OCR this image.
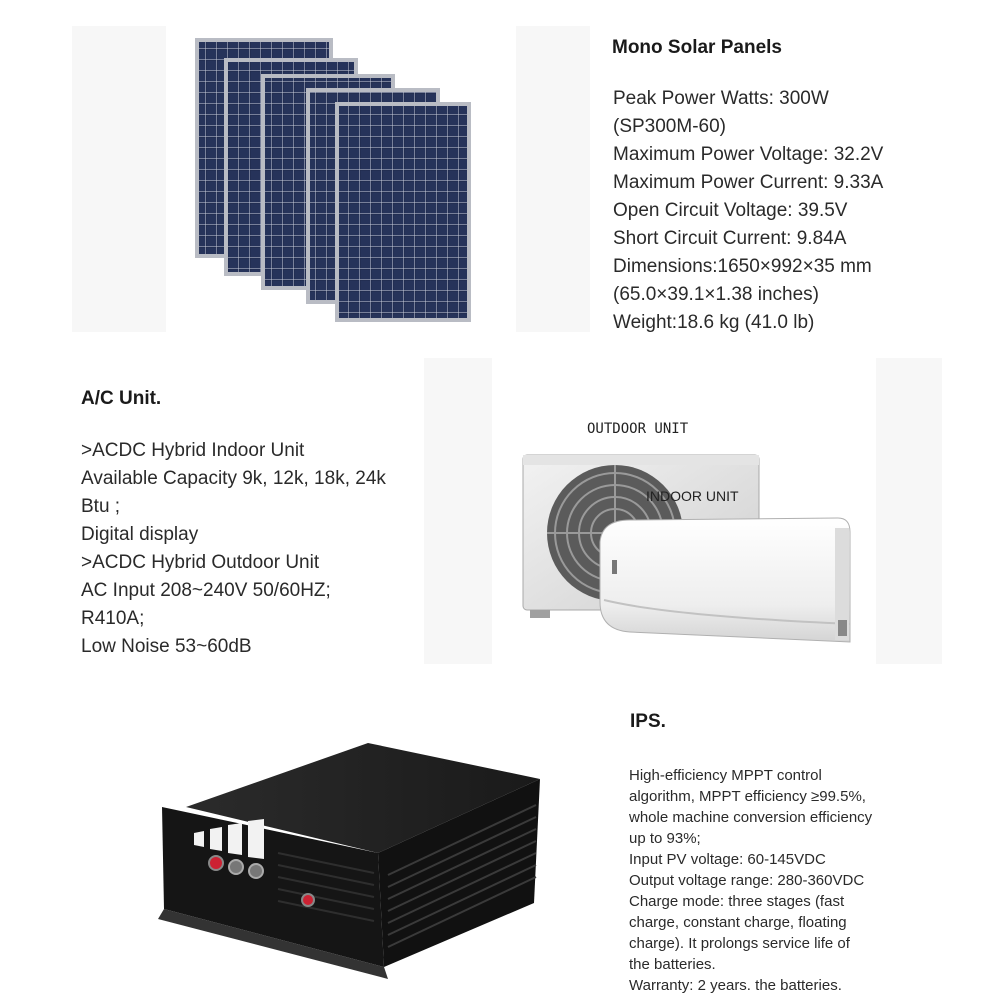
Mono Solar Panels
Peak Power Watts: 300W
(SP300M-60)
Maximum Power Voltage: 32.2V
Maximum Power Current: 9.33A
Open Circuit Voltage: 39.5V
Short Circuit Current: 9.84A
Dimensions:1650×992×35 mm
(65.0×39.1×1.38 inches)
Weight:18.6 kg (41.0 lb)
A/C Unit.
>ACDC Hybrid Indoor Unit
Available Capacity 9k, 12k, 18k, 24k
Btu ;
Digital display
>ACDC Hybrid Outdoor Unit
AC Input 208~240V 50/60HZ;
R410A;
Low Noise 53~60dB
OUTDOOR UNIT
INDOOR UNIT
IPS.
High-efficiency MPPT control
algorithm, MPPT efficiency ≥99.5%,
whole machine conversion efficiency
up to 93%;
Input PV voltage: 60-145VDC
Output voltage range: 280-360VDC
Charge mode: three stages (fast
charge, constant charge, floating
charge). It prolongs service life of
the batteries.
Warranty: 2 years. the batteries.
